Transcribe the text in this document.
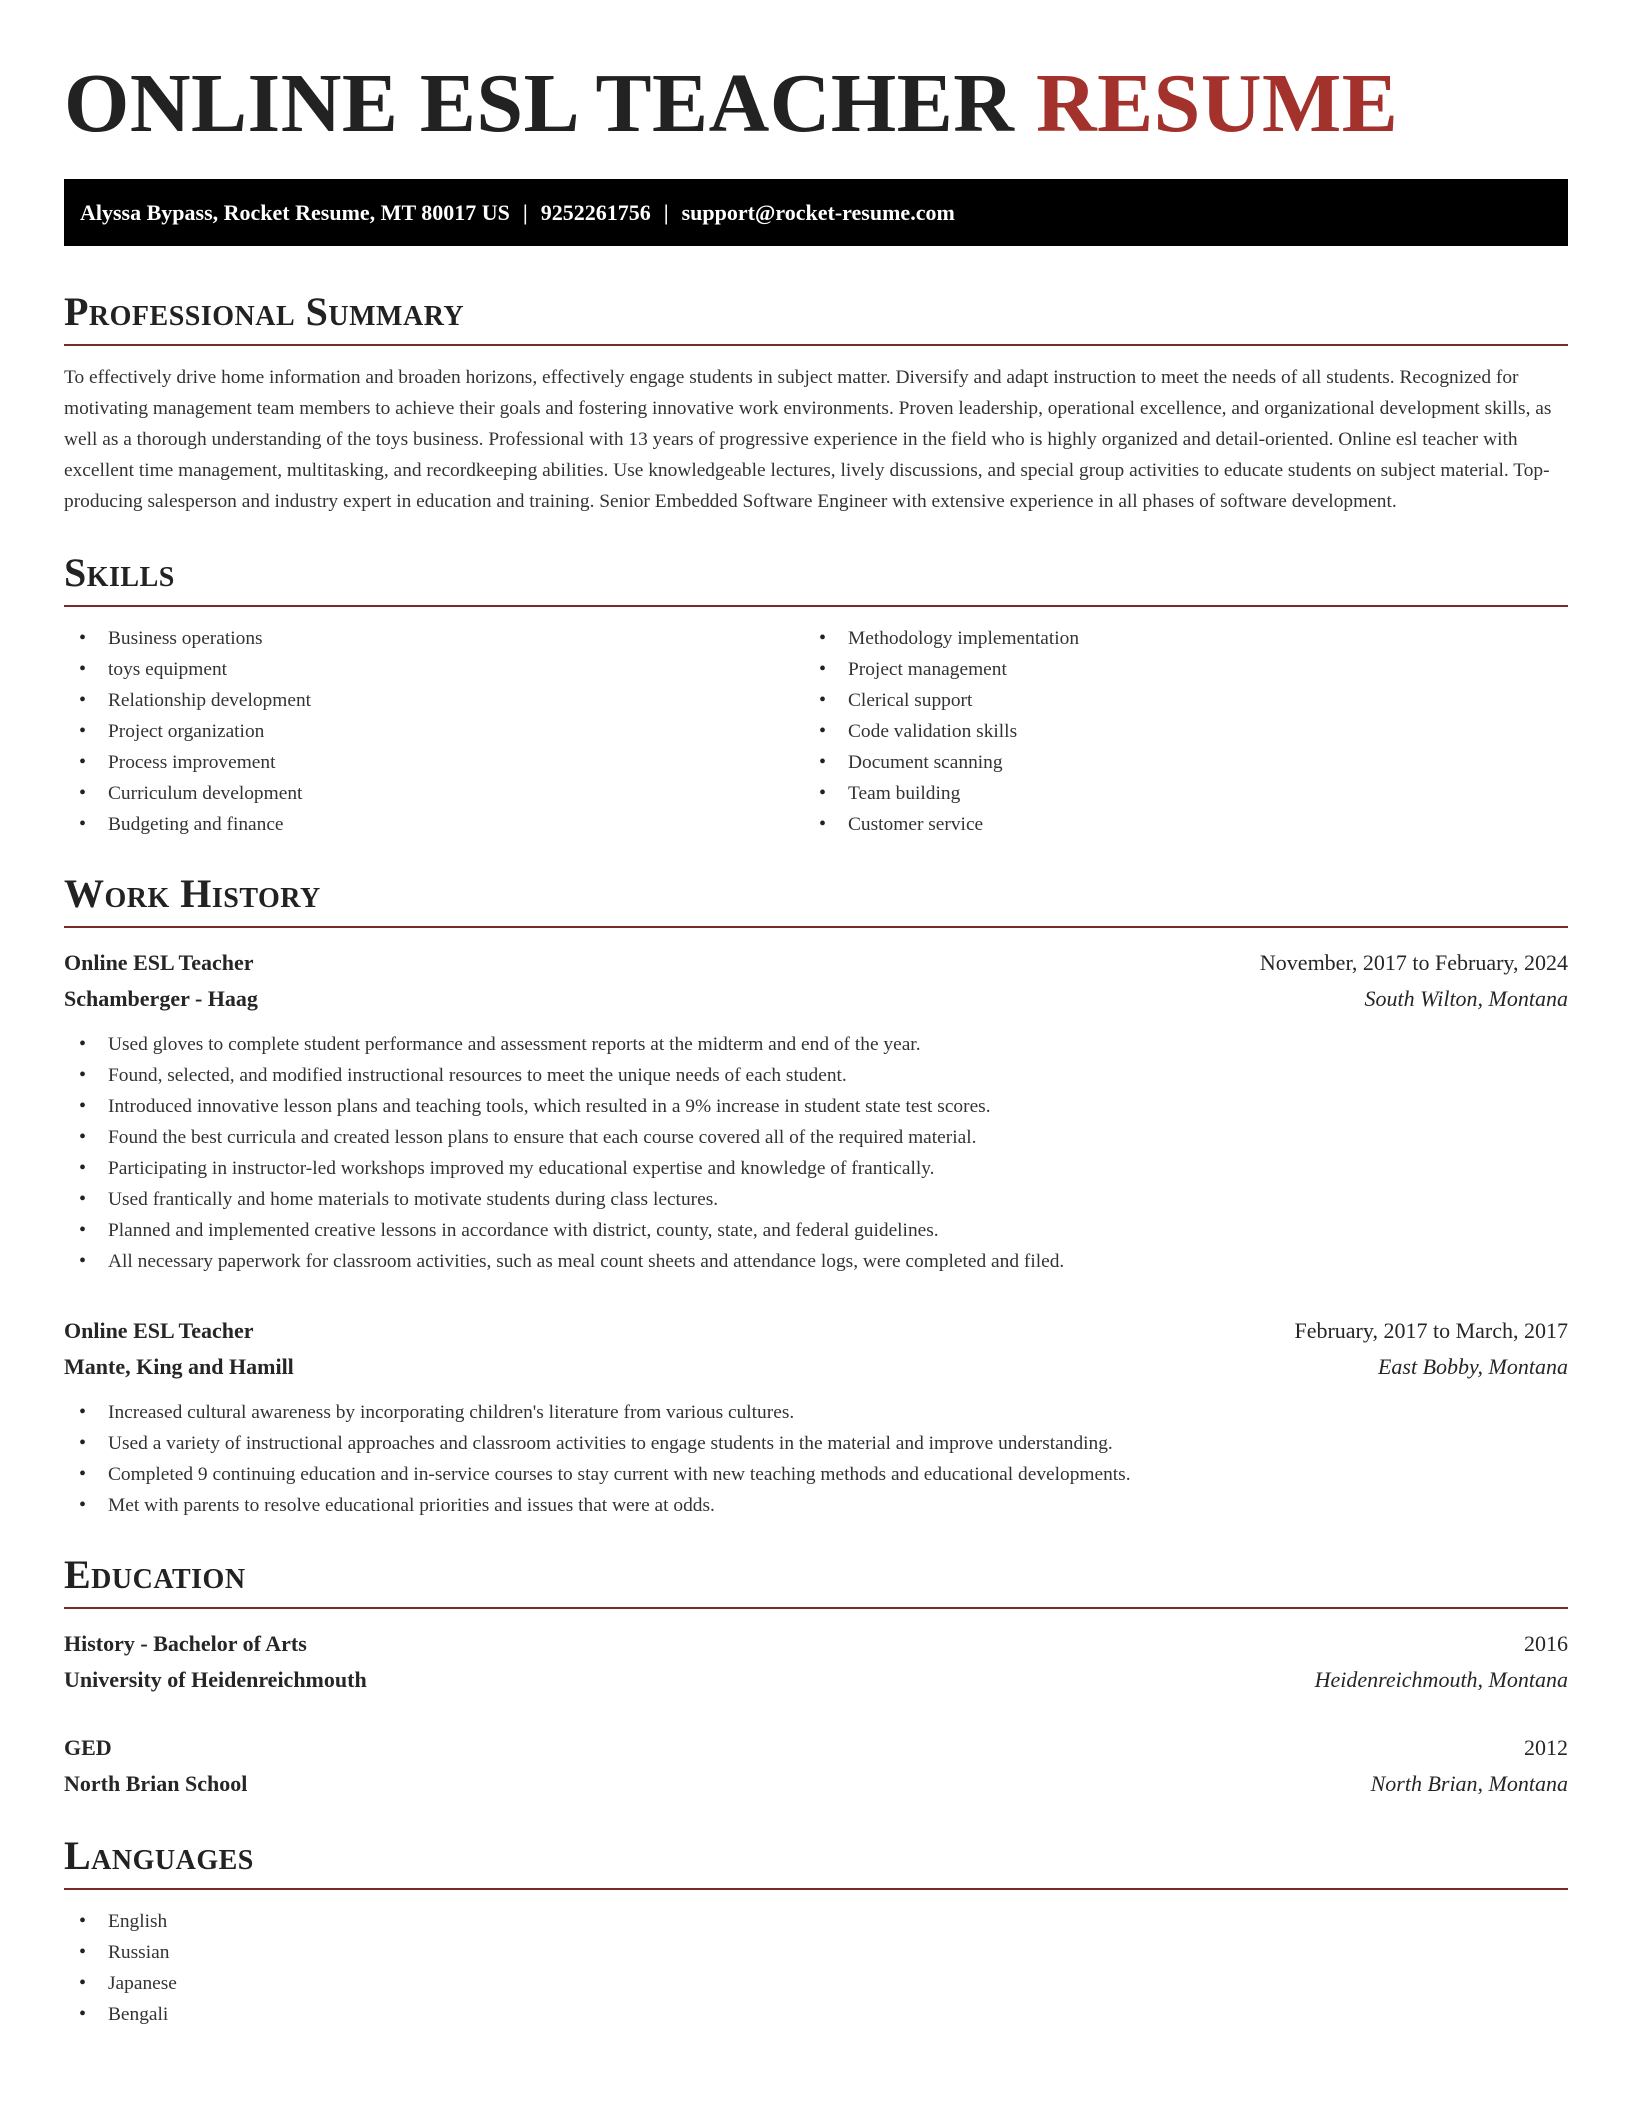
ONLINE ESL TEACHER RESUME
Alyssa Bypass, Rocket Resume, MT 80017 US | 9252261756 | support@rocket-resume.com
Professional Summary

To effectively drive home information and broaden horizons, effectively engage students in subject matter. Diversify and adapt instruction to meet the needs of all students. Recognized for motivating management team members to achieve their goals and fostering innovative work environments. Proven leadership, operational excellence, and organizational development skills, as well as a thorough understanding of the toys business. Professional with 13 years of progressive experience in the field who is highly organized and detail-oriented. Online esl teacher with excellent time management, multitasking, and recordkeeping abilities. Use knowledgeable lectures, lively discussions, and special group activities to educate students on subject material. Top-producing salesperson and industry expert in education and training. Senior Embedded Software Engineer with extensive experience in all phases of software development.

Skills
• Business operations
• toys equipment
• Relationship development
• Project organization
• Process improvement
• Curriculum development
• Budgeting and finance
• Methodology implementation
• Project management
• Clerical support
• Code validation skills
• Document scanning
• Team building
• Customer service
Work History
Online ESL Teacher	November, 2017 to February, 2024
Schamberger - Haag	South Wilton, Montana
• Used gloves to complete student performance and assessment reports at the midterm and end of the year.
• Found, selected, and modified instructional resources to meet the unique needs of each student.
• Introduced innovative lesson plans and teaching tools, which resulted in a 9% increase in student state test scores.
• Found the best curricula and created lesson plans to ensure that each course covered all of the required material.
• Participating in instructor-led workshops improved my educational expertise and knowledge of frantically.
• Used frantically and home materials to motivate students during class lectures.
• Planned and implemented creative lessons in accordance with district, county, state, and federal guidelines.
• All necessary paperwork for classroom activities, such as meal count sheets and attendance logs, were completed and filed.
Online ESL Teacher	February, 2017 to March, 2017
Mante, King and Hamill	East Bobby, Montana
• Increased cultural awareness by incorporating children's literature from various cultures.
• Used a variety of instructional approaches and classroom activities to engage students in the material and improve understanding.
• Completed 9 continuing education and in-service courses to stay current with new teaching methods and educational developments.
• Met with parents to resolve educational priorities and issues that were at odds.
Education
History - Bachelor of Arts	2016
University of Heidenreichmouth	Heidenreichmouth, Montana
GED	2012
North Brian School	North Brian, Montana
Languages
• English
• Russian
• Japanese
• Bengali
